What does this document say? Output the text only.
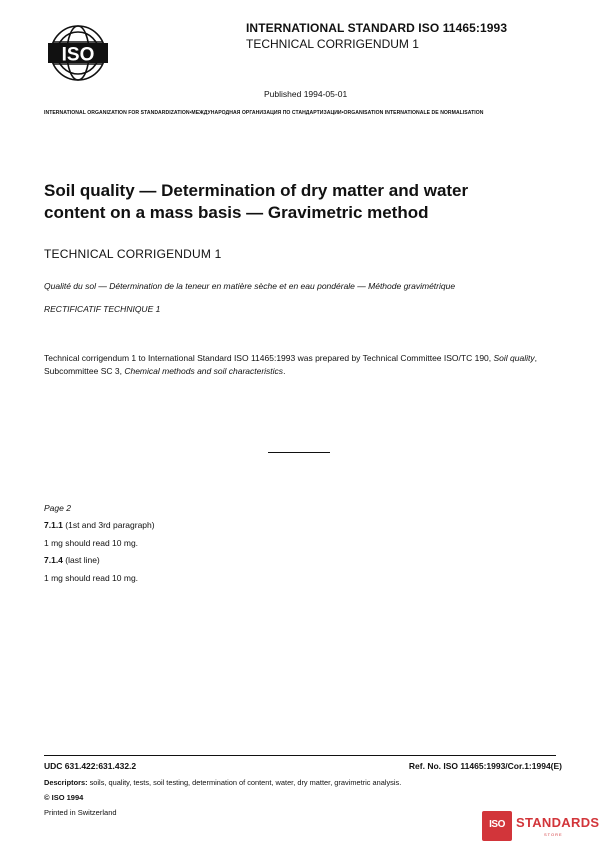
ISO
INTERNATIONAL STANDARD ISO 11465:1993
TECHNICAL CORRIGENDUM 1
Published 1994-05-01
INTERNATIONAL ORGANIZATION FOR STANDARDIZATION•МЕЖДУНАРОДНАЯ ОРГАНИЗАЦИЯ ПО СТАНДАРТИЗАЦИИ•ORGANISATION INTERNATIONALE DE NORMALISATION
Soil quality — Determination of dry matter and water
content on a mass basis — Gravimetric method
TECHNICAL CORRIGENDUM 1
Qualité du sol — Détermination de la teneur en matière sèche et en eau pondérale — Méthode gravimétrique
RECTIFICATIF TECHNIQUE 1

Technical corrigendum 1 to International Standard ISO 11465:1993 was prepared by Technical Committee ISO/TC 190, Soil quality, Subcommittee SC 3, Chemical methods and soil characteristics.

Page 2
7.1.1 (1st and 3rd paragraph)
1 mg should read 10 mg.
7.1.4 (last line)
1 mg should read 10 mg.
UDC 631.422:631.432.2	Ref. No. ISO 11465:1993/Cor.1:1994(E)
Descriptors: soils, quality, tests, soil testing, determination of content, water, dry matter, gravimetric analysis.
© ISO 1994
Printed in Switzerland
ISO STANDARDS
STORE
